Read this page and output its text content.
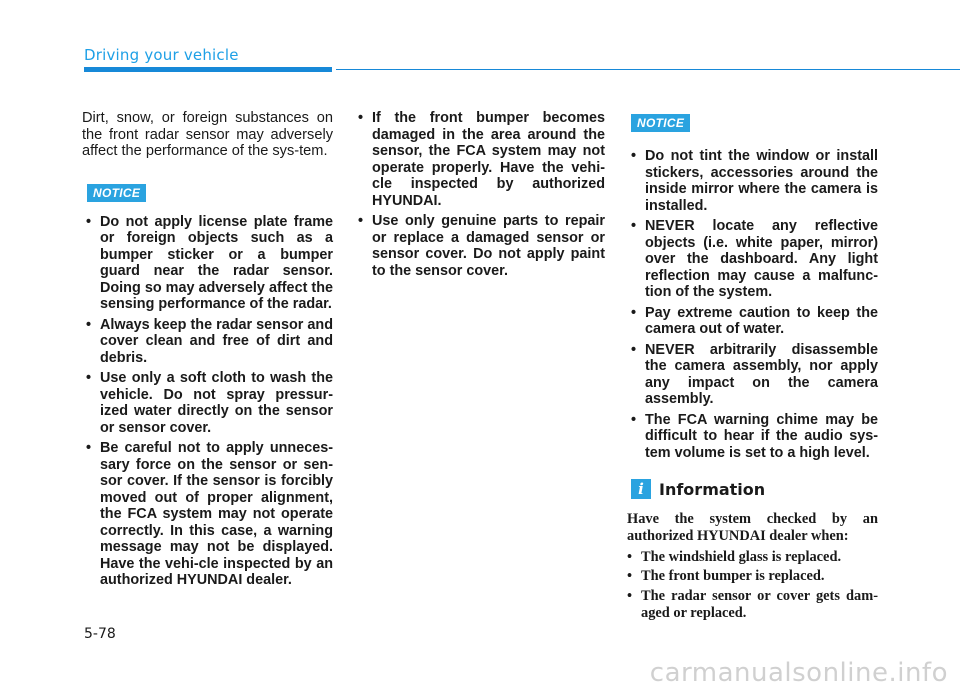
Driving your vehicle

Dirt, snow, or foreign substances on the front radar sensor may adversely affect the performance of the sys-tem.

NOTICE
• Do not apply license plate frame or foreign objects such as a bumper sticker or a bumper guard near the radar sensor. Doing so may adversely affect the sensing performance of the radar.
• Always keep the radar sensor and cover clean and free of dirt and debris.
• Use only a soft cloth to wash the vehicle. Do not spray pressur-ized water directly on the sensor or sensor cover.
• Be careful not to apply unneces-sary force on the sensor or sen-sor cover. If the sensor is forcibly moved out of proper alignment, the FCA system may not operate correctly. In this case, a warning message may not be displayed. Have the vehi-cle inspected by an authorized HYUNDAI dealer.
• If the front bumper becomes damaged in the area around the sensor, the FCA system may not operate properly. Have the vehi-cle inspected by authorized HYUNDAI.
• Use only genuine parts to repair or replace a damaged sensor or sensor cover. Do not apply paint to the sensor cover.
NOTICE
• Do not tint the window or install stickers, accessories around the inside mirror where the camera is installed.
• NEVER locate any reflective objects (i.e. white paper, mirror) over the dashboard. Any light reflection may cause a malfunc-tion of the system.
• Pay extreme caution to keep the camera out of water.
• NEVER arbitrarily disassemble the camera assembly, nor apply any impact on the camera assembly.
• The FCA warning chime may be difficult to hear if the audio sys-tem volume is set to a high level.
i Information

Have the system checked by an authorized HYUNDAI dealer when:

• The windshield glass is replaced.
• The front bumper is replaced.
• The radar sensor or cover gets dam-aged or replaced.
5-78
carmanualsonline.info
